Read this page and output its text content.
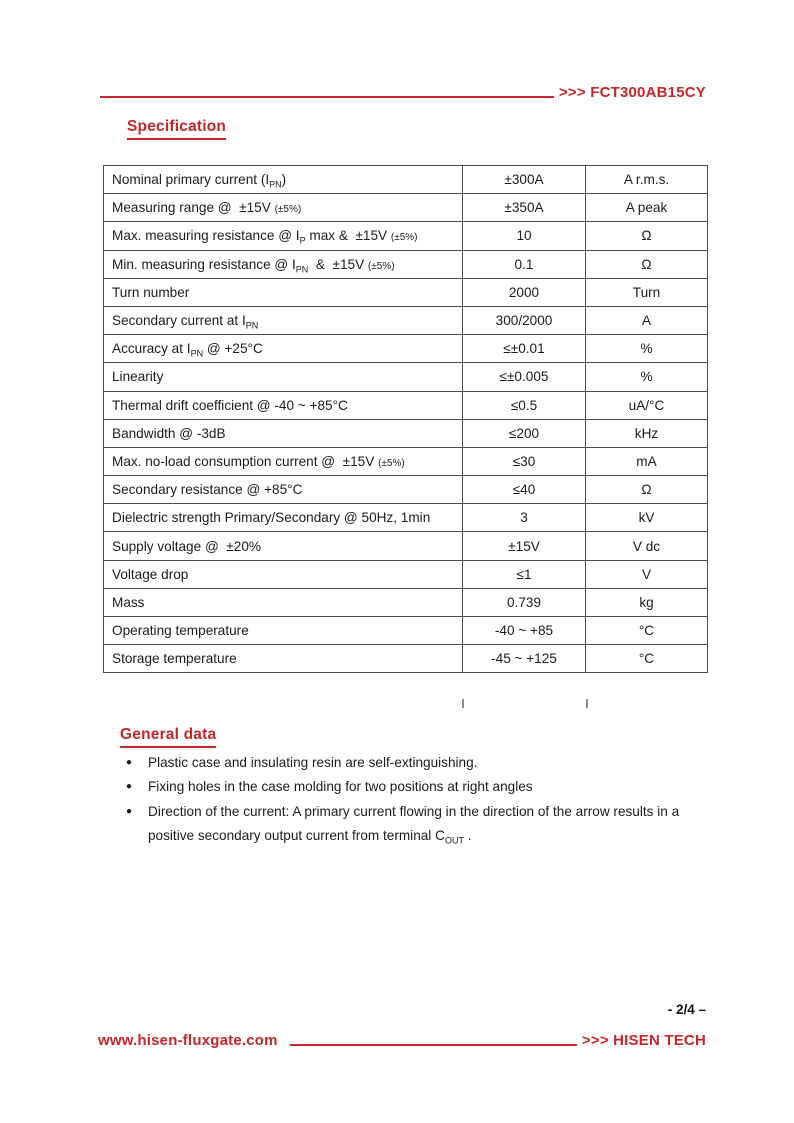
>>> FCT300AB15CY
Specification
Nominal primary current $(I_{PN})$	±300A	A r.m.s.
Measuring range @  ±15V (±5%)	±350A	A peak
Max. measuring resistance @ $I_P$ max &  ±15V (±5%)	10	Ω
Min. measuring resistance @ $I_{PN}$  &  ±15V (±5%)	0.1	Ω
Turn number	2000	Turn
Secondary current at $I_{PN}$	300/2000	A
Accuracy at $I_{PN}$ @ +25°C	≤±0.01	%
Linearity	≤±0.005	%
Thermal drift coefficient @ -40 ~ +85°C	≤0.5	uA/°C
Bandwidth @ -3dB	≤200	kHz
Max. no-load consumption current @  ±15V (±5%)	≤30	mA
Secondary resistance @ +85°C	≤40	Ω
Dielectric strength Primary/Secondary @ 50Hz, 1min	3	kV
Supply voltage @  ±20%	±15V	V dc
Voltage drop	≤1	V
Mass	0.739	kg
Operating temperature	-40 ~ +85	°C
Storage temperature	-45 ~ +125	°C
General data
●	Plastic case and insulating resin are self-extinguishing.
●	Fixing holes in the case molding for two positions at right angles
●	Direction of the current: A primary current flowing in the direction of the arrow results in a positive secondary output current from terminal $C_{OUT}$ .
- 2/4 –
www.hisen-fluxgate.com	>>> HISEN TECH
